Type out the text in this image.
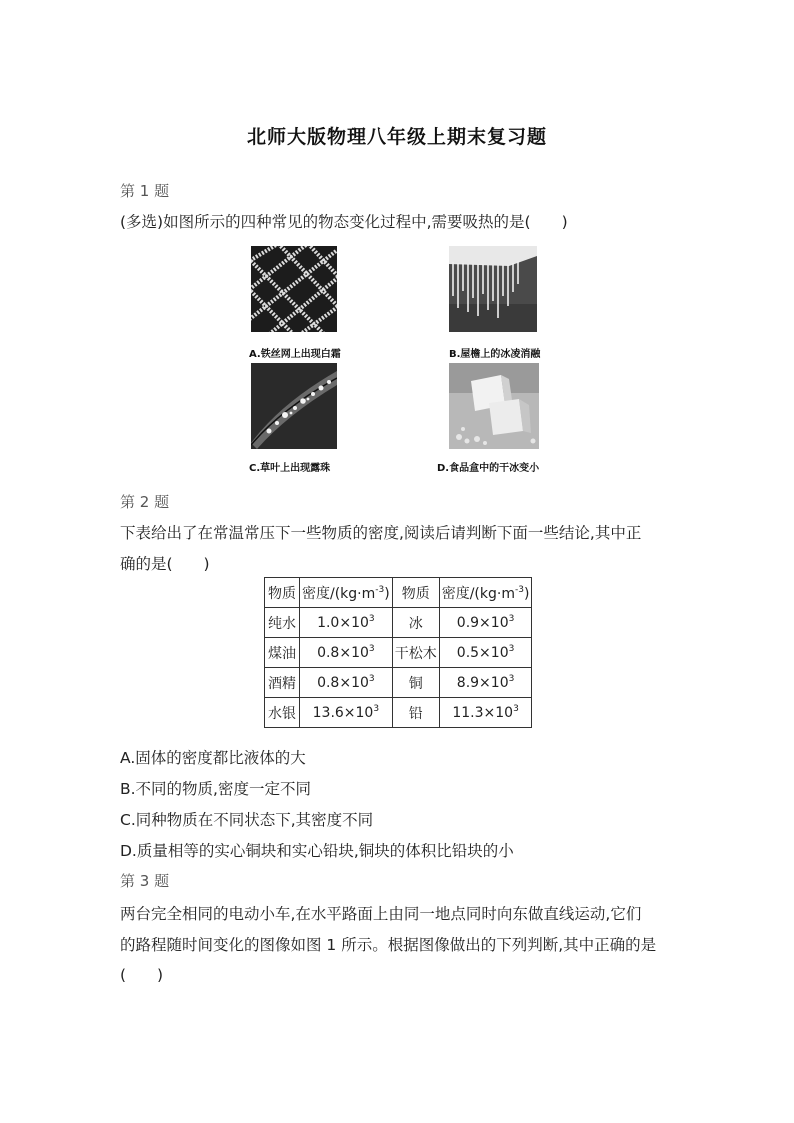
北师大版物理八年级上期末复习题
第 1 题
(多选)如图所示的四种常见的物态变化过程中,需要吸热的是(　　)
A.铁丝网上出现白霜	B.屋檐上的冰凌消融
C.草叶上出现露珠	D.食品盒中的干冰变小
第 2 题
下表给出了在常温常压下一些物质的密度,阅读后请判断下面一些结论,其中正
确的是(　　)
物质	密度$/(kg\cdot m^{-3})$	物质	密度$/(kg\cdot m^{-3})$
纯水	$1.0\times 10^3$	冰	$0.9\times 10^3$
煤油	$0.8\times 10^3$	干松木	$0.5\times 10^3$
酒精	$0.8\times 10^3$	铜	$8.9\times 10^3$
水银	$13.6\times 10^3$	铅	$11.3\times 10^3$
A.固体的密度都比液体的大
B.不同的物质,密度一定不同
C.同种物质在不同状态下,其密度不同
D.质量相等的实心铜块和实心铅块,铜块的体积比铅块的小
第 3 题
两台完全相同的电动小车,在水平路面上由同一地点同时向东做直线运动,它们
的路程随时间变化的图像如图 1 所示。根据图像做出的下列判断,其中正确的是
(　　)
